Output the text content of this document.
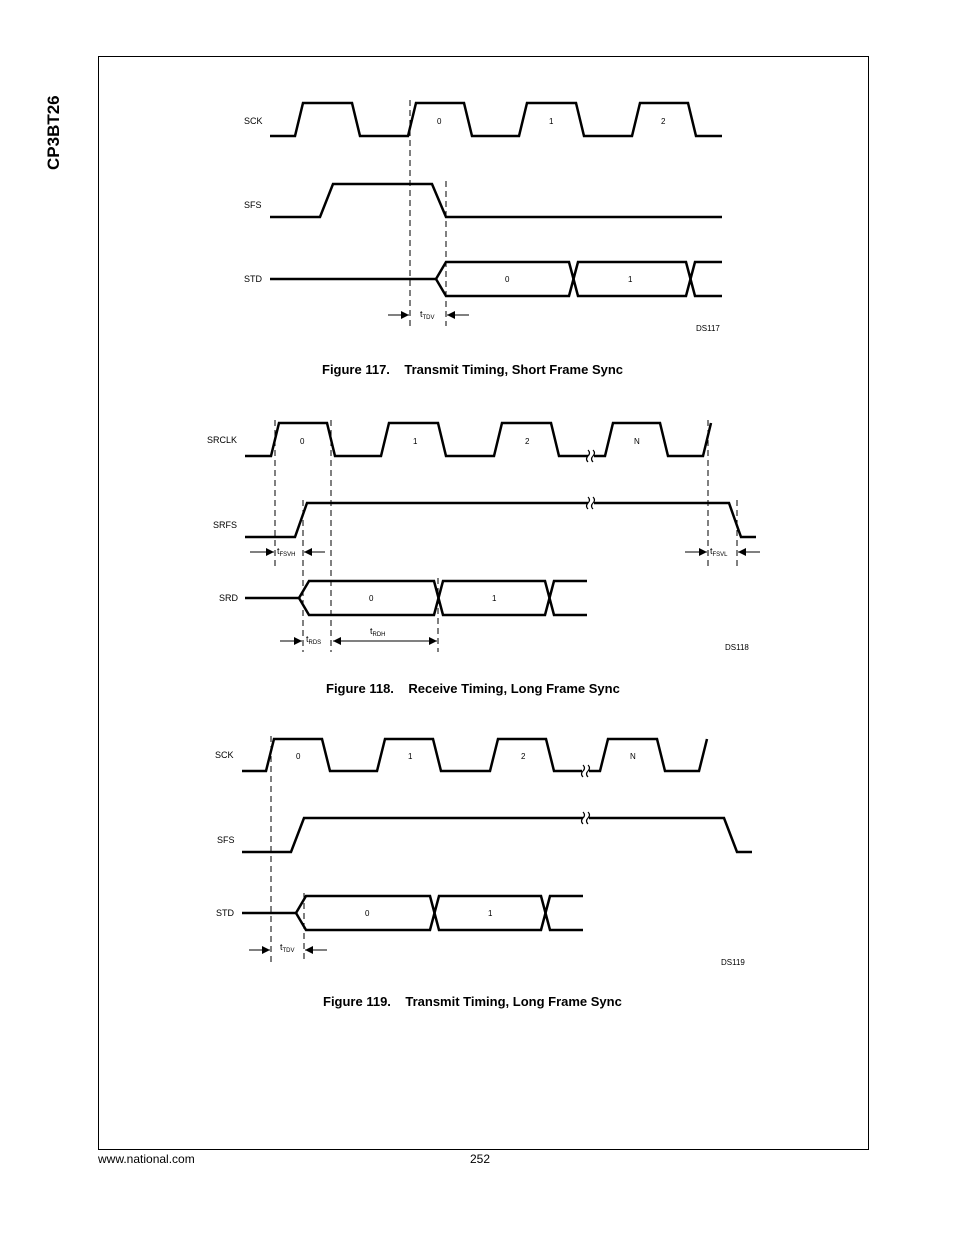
CP3BT26	SCK
SFS
STD
0	1	2
0	1
$t_{TDV}$
DS117
Figure 117.    Transmit Timing, Short Frame Sync
SRCLK
SRFS
SRD
0	1	2	N
0	1
$t_{FSVH}$	$t_{FSVL}$
$t_{RDS}$
$t_{RDH}$
DS118
Figure 118.    Receive Timing, Long Frame Sync
SCK
SFS
STD
0	1	2	N
0	1
$t_{TDV}$
DS119
Figure 119.    Transmit Timing, Long Frame Sync
www.national.com	252
